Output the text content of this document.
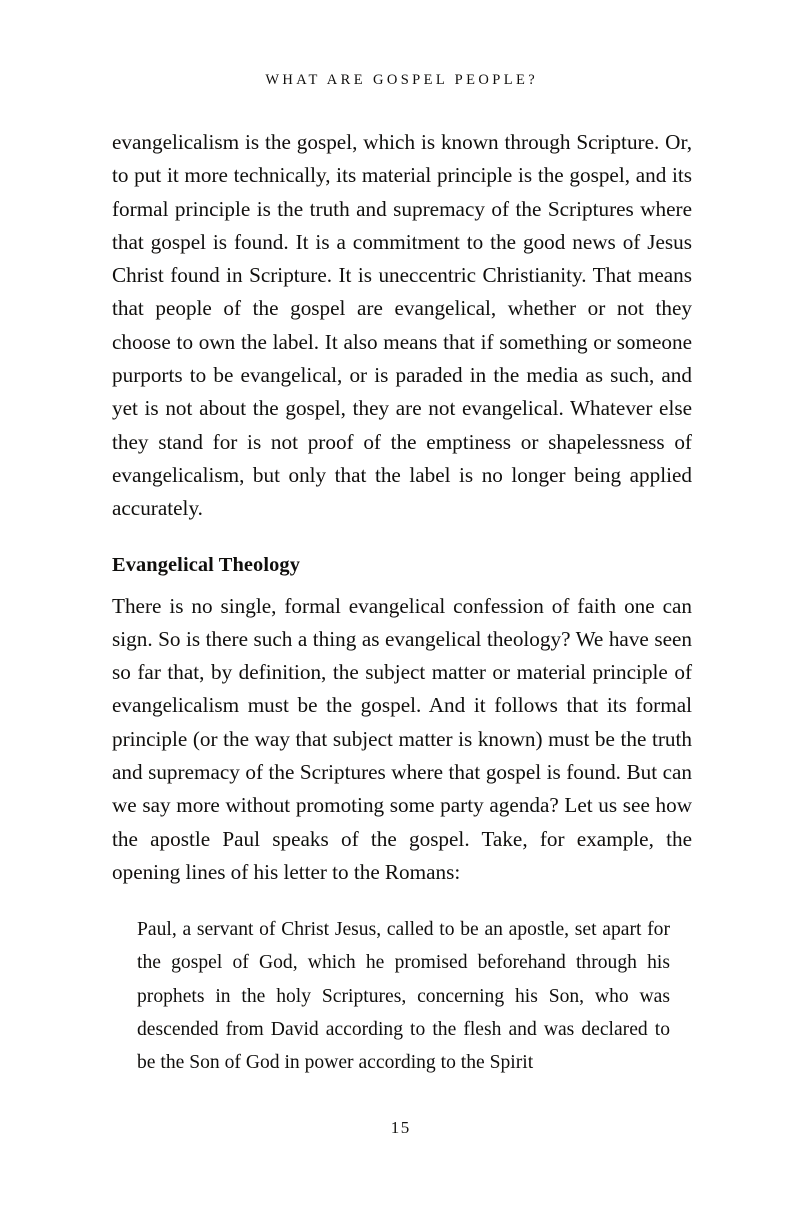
WHAT ARE GOSPEL PEOPLE?

evangelicalism is the gospel, which is known through Scripture. Or, to put it more technically, its material principle is the gospel, and its formal principle is the truth and supremacy of the Scriptures where that gospel is found. It is a commitment to the good news of Jesus Christ found in Scripture. It is uneccentric Christianity. That means that people of the gospel are evangelical, whether or not they choose to own the label. It also means that if something or someone purports to be evangelical, or is paraded in the media as such, and yet is not about the gospel, they are not evangelical. Whatever else they stand for is not proof of the emptiness or shapelessness of evangelicalism, but only that the label is no longer being applied accurately.

Evangelical Theology

There is no single, formal evangelical confession of faith one can sign. So is there such a thing as evangelical theology? We have seen so far that, by definition, the subject matter or material principle of evangelicalism must be the gospel. And it follows that its formal principle (or the way that subject matter is known) must be the truth and supremacy of the Scriptures where that gospel is found. But can we say more without promoting some party agenda? Let us see how the apostle Paul speaks of the gospel. Take, for example, the opening lines of his letter to the Romans:

Paul, a servant of Christ Jesus, called to be an apostle, set apart for the gospel of God, which he promised beforehand through his prophets in the holy Scriptures, concerning his Son, who was descended from David according to the flesh and was declared to be the Son of God in power according to the Spirit
15
